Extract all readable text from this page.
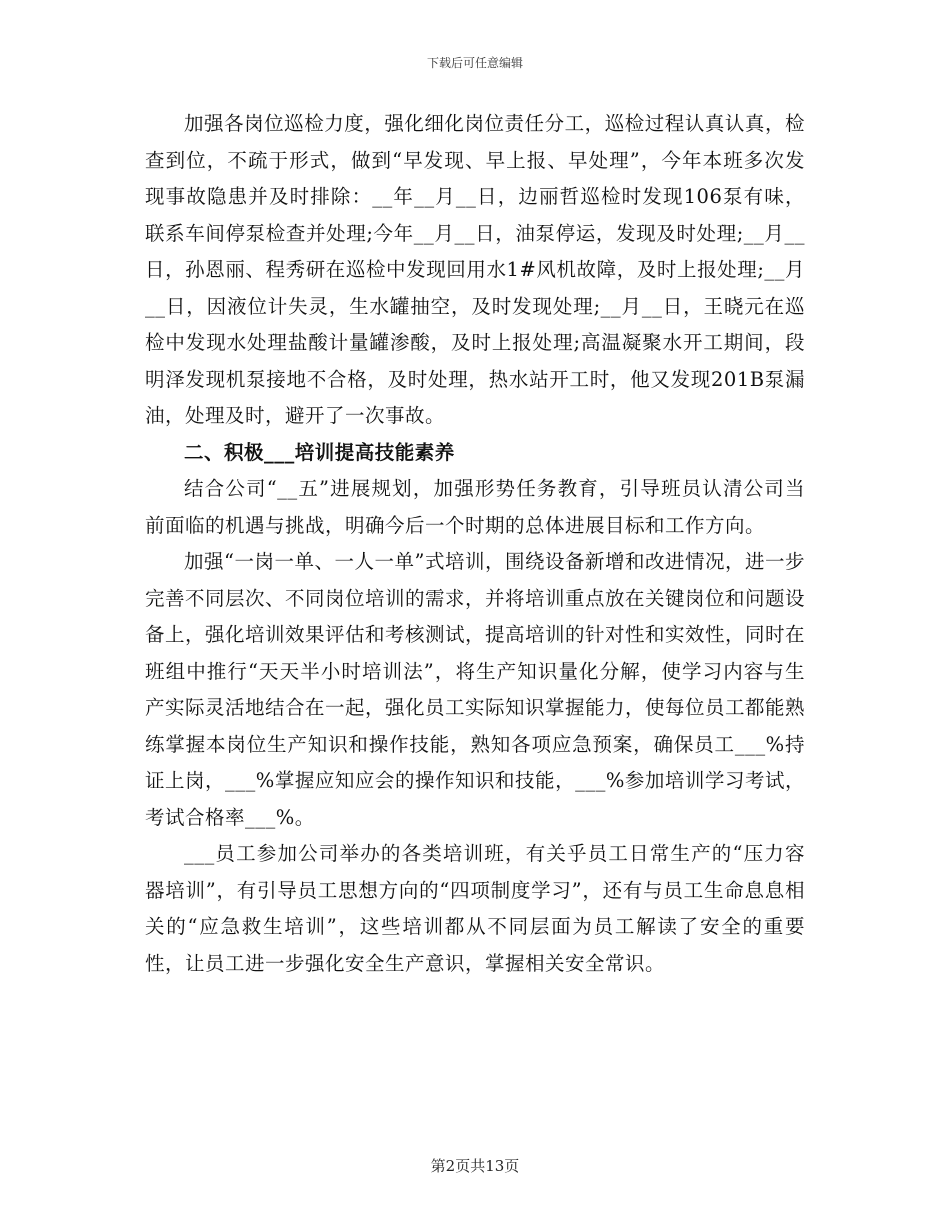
下载后可任意编辑

加强各岗位巡检力度，强化细化岗位责任分工，巡检过程认真认真，检查到位，不疏于形式，做到“早发现、早上报、早处理”，今年本班多次发现事故隐患并及时排除：__年__月__日，边丽哲巡检时发现106泵有味，联系车间停泵检查并处理;今年__月__日，油泵停运，发现及时处理;__月__日，孙恩丽、程秀研在巡检中发现回用水1#风机故障，及时上报处理;__月__日，因液位计失灵，生水罐抽空，及时发现处理;__月__日，王晓元在巡检中发现水处理盐酸计量罐渗酸，及时上报处理;高温凝聚水开工期间，段明泽发现机泵接地不合格，及时处理，热水站开工时，他又发现201B泵漏油，处理及时，避开了一次事故。

二、积极___培训提高技能素养

结合公司“__五”进展规划，加强形势任务教育，引导班员认清公司当前面临的机遇与挑战，明确今后一个时期的总体进展目标和工作方向。

加强“一岗一单、一人一单”式培训，围绕设备新增和改进情况，进一步完善不同层次、不同岗位培训的需求，并将培训重点放在关键岗位和问题设备上，强化培训效果评估和考核测试，提高培训的针对性和实效性，同时在班组中推行“天天半小时培训法”，将生产知识量化分解，使学习内容与生产实际灵活地结合在一起，强化员工实际知识掌握能力，使每位员工都能熟练掌握本岗位生产知识和操作技能，熟知各项应急预案，确保员工___%持证上岗，___%掌握应知应会的操作知识和技能，___%参加培训学习考试，考试合格率___%。

___员工参加公司举办的各类培训班，有关乎员工日常生产的“压力容器培训”，有引导员工思想方向的“四项制度学习”，还有与员工生命息息相关的“应急救生培训”，这些培训都从不同层面为员工解读了安全的重要性，让员工进一步强化安全生产意识，掌握相关安全常识。

第2页共13页
